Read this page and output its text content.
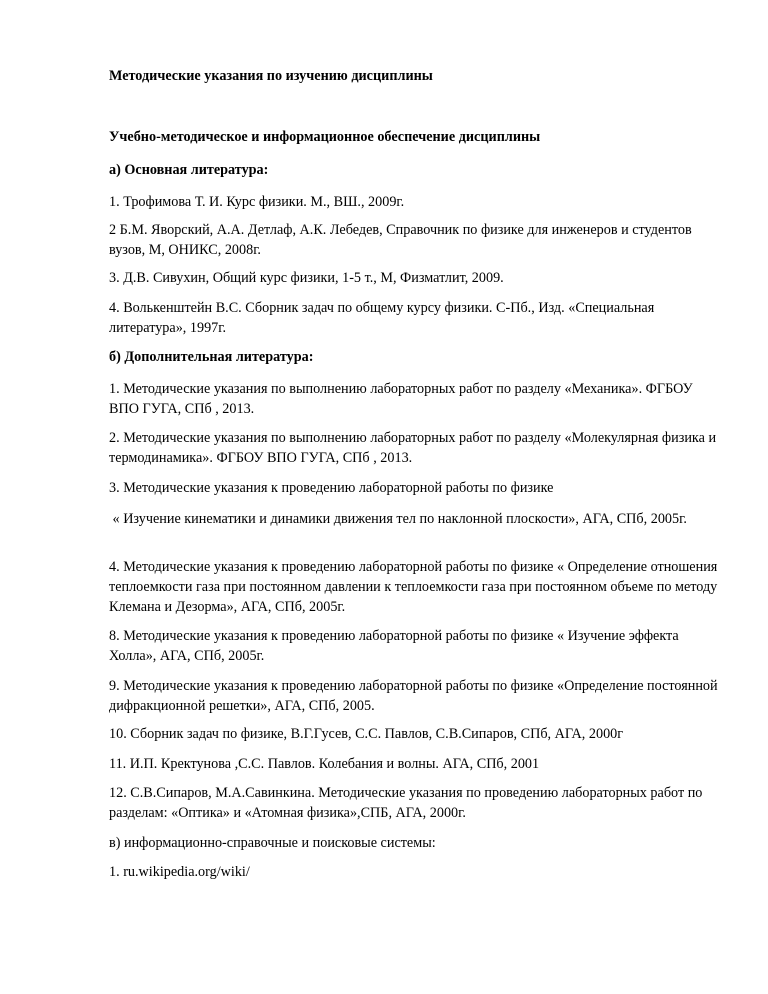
Методические указания по изучению дисциплины

Учебно-методическое и информационное обеспечение дисциплины

а) Основная литература:

1. Трофимова Т. И. Курс физики. М., ВШ., 2009г.

2 Б.М. Яворский, А.А. Детлаф, А.К. Лебедев, Справочник по физике для инженеров и студентов вузов, М, ОНИКС, 2008г.

3. Д.В. Сивухин, Общий курс физики, 1-5 т., М, Физматлит, 2009.

4. Волькенштейн В.С. Сборник задач по общему курсу физики. С-Пб., Изд. «Специальная литература», 1997г.

б) Дополнительная литература:

1. Методические указания по выполнению лабораторных работ по разделу «Механика». ФГБОУ ВПО ГУГА, СПб , 2013.

2. Методические указания по выполнению лабораторных работ по разделу «Молекулярная физика и термодинамика». ФГБОУ ВПО ГУГА, СПб , 2013.

3. Методические указания к проведению лабораторной работы по физике

« Изучение кинематики и динамики движения тел по наклонной плоскости», АГА, СПб, 2005г.

4. Методические указания к проведению лабораторной работы по физике « Определение отношения теплоемкости газа при постоянном давлении к теплоемкости газа при постоянном объеме по методу Клемана и Дезорма», АГА, СПб, 2005г.

8. Методические указания к проведению лабораторной работы по физике « Изучение эффекта Холла», АГА, СПб, 2005г.

9. Методические указания к проведению лабораторной работы по физике «Определение постоянной дифракционной решетки», АГА, СПб, 2005.

10. Сборник задач по физике, В.Г.Гусев, С.С. Павлов, С.В.Сипаров, СПб, АГА, 2000г

11. И.П. Кректунова ,С.С. Павлов. Колебания и волны. АГА, СПб, 2001

12. С.В.Сипаров, М.А.Савинкина. Методические указания по проведению лабораторных работ по разделам: «Оптика» и «Атомная физика»,СПБ, АГА, 2000г.

в) информационно-справочные и поисковые системы:

1. ru.wikipedia.org/wiki/
